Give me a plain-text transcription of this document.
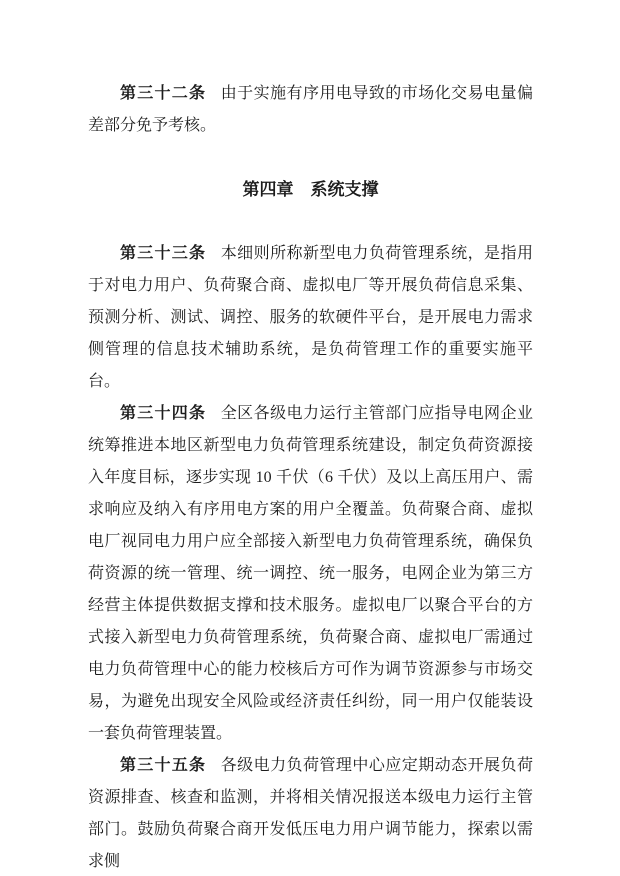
第三十二条 由于实施有序用电导致的市场化交易电量偏差部分免予考核。

第四章　系统支撑

第三十三条 本细则所称新型电力负荷管理系统，是指用于对电力用户、负荷聚合商、虚拟电厂等开展负荷信息采集、预测分析、测试、调控、服务的软硬件平台，是开展电力需求侧管理的信息技术辅助系统，是负荷管理工作的重要实施平台。

第三十四条 全区各级电力运行主管部门应指导电网企业统筹推进本地区新型电力负荷管理系统建设，制定负荷资源接入年度目标，逐步实现 10 千伏（6 千伏）及以上高压用户、需求响应及纳入有序用电方案的用户全覆盖。负荷聚合商、虚拟电厂视同电力用户应全部接入新型电力负荷管理系统，确保负荷资源的统一管理、统一调控、统一服务，电网企业为第三方经营主体提供数据支撑和技术服务。虚拟电厂以聚合平台的方式接入新型电力负荷管理系统，负荷聚合商、虚拟电厂需通过电力负荷管理中心的能力校核后方可作为调节资源参与市场交易，为避免出现安全风险或经济责任纠纷，同一用户仅能装设一套负荷管理装置。

第三十五条 各级电力负荷管理中心应定期动态开展负荷资源排查、核查和监测，并将相关情况报送本级电力运行主管部门。鼓励负荷聚合商开发低压电力用户调节能力，探索以需求侧
